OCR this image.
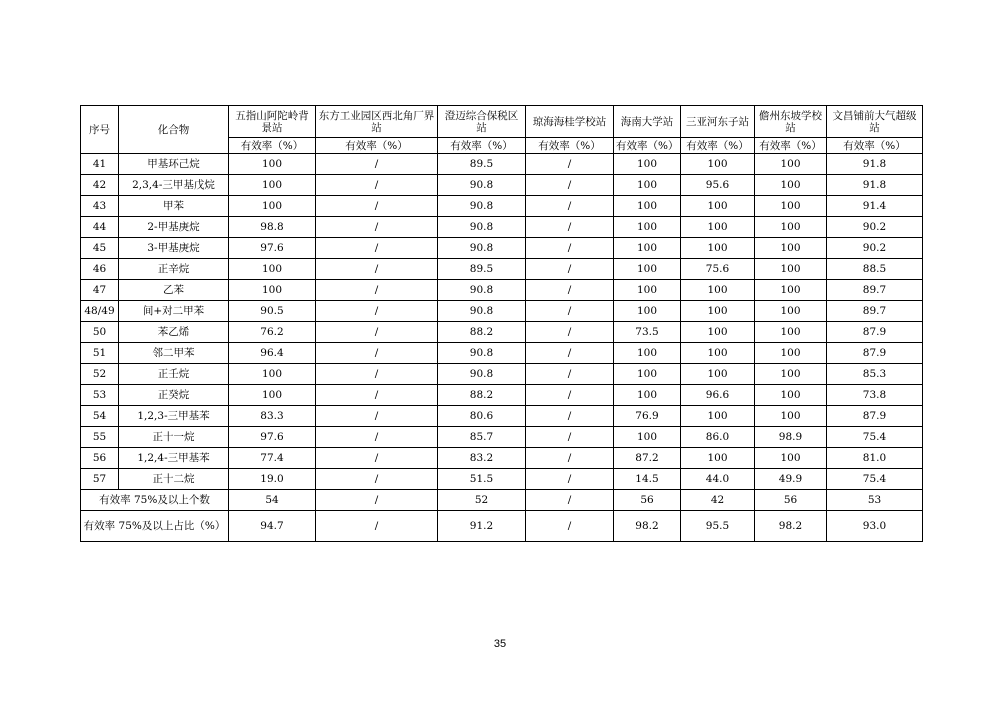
序号	化合物	五指山阿陀岭背景站	东方工业园区西北角厂界站	澄迈综合保税区站	琼海海桂学校站	海南大学站	三亚河东子站	儋州东坡学校站	文昌铺前大气超级站
		有效率（%）	有效率（%）	有效率（%）	有效率（%）	有效率（%）	有效率（%）	有效率（%）	有效率（%）
41	甲基环己烷	100	/	89.5	/	100	100	100	91.8
42	2,3,4-三甲基戊烷	100	/	90.8	/	100	95.6	100	91.8
43	甲苯	100	/	90.8	/	100	100	100	91.4
44	2-甲基庚烷	98.8	/	90.8	/	100	100	100	90.2
45	3-甲基庚烷	97.6	/	90.8	/	100	100	100	90.2
46	正辛烷	100	/	89.5	/	100	75.6	100	88.5
47	乙苯	100	/	90.8	/	100	100	100	89.7
48/49	间+对二甲苯	90.5	/	90.8	/	100	100	100	89.7
50	苯乙烯	76.2	/	88.2	/	73.5	100	100	87.9
51	邻二甲苯	96.4	/	90.8	/	100	100	100	87.9
52	正壬烷	100	/	90.8	/	100	100	100	85.3
53	正癸烷	100	/	88.2	/	100	96.6	100	73.8
54	1,2,3-三甲基苯	83.3	/	80.6	/	76.9	100	100	87.9
55	正十一烷	97.6	/	85.7	/	100	86.0	98.9	75.4
56	1,2,4-三甲基苯	77.4	/	83.2	/	87.2	100	100	81.0
57	正十二烷	19.0	/	51.5	/	14.5	44.0	49.9	75.4
有效率 75%及以上个数		54	/	52	/	56	42	56	53
有效率 75%及以上占比（%）		94.7	/	91.2	/	98.2	95.5	98.2	93.0
35
